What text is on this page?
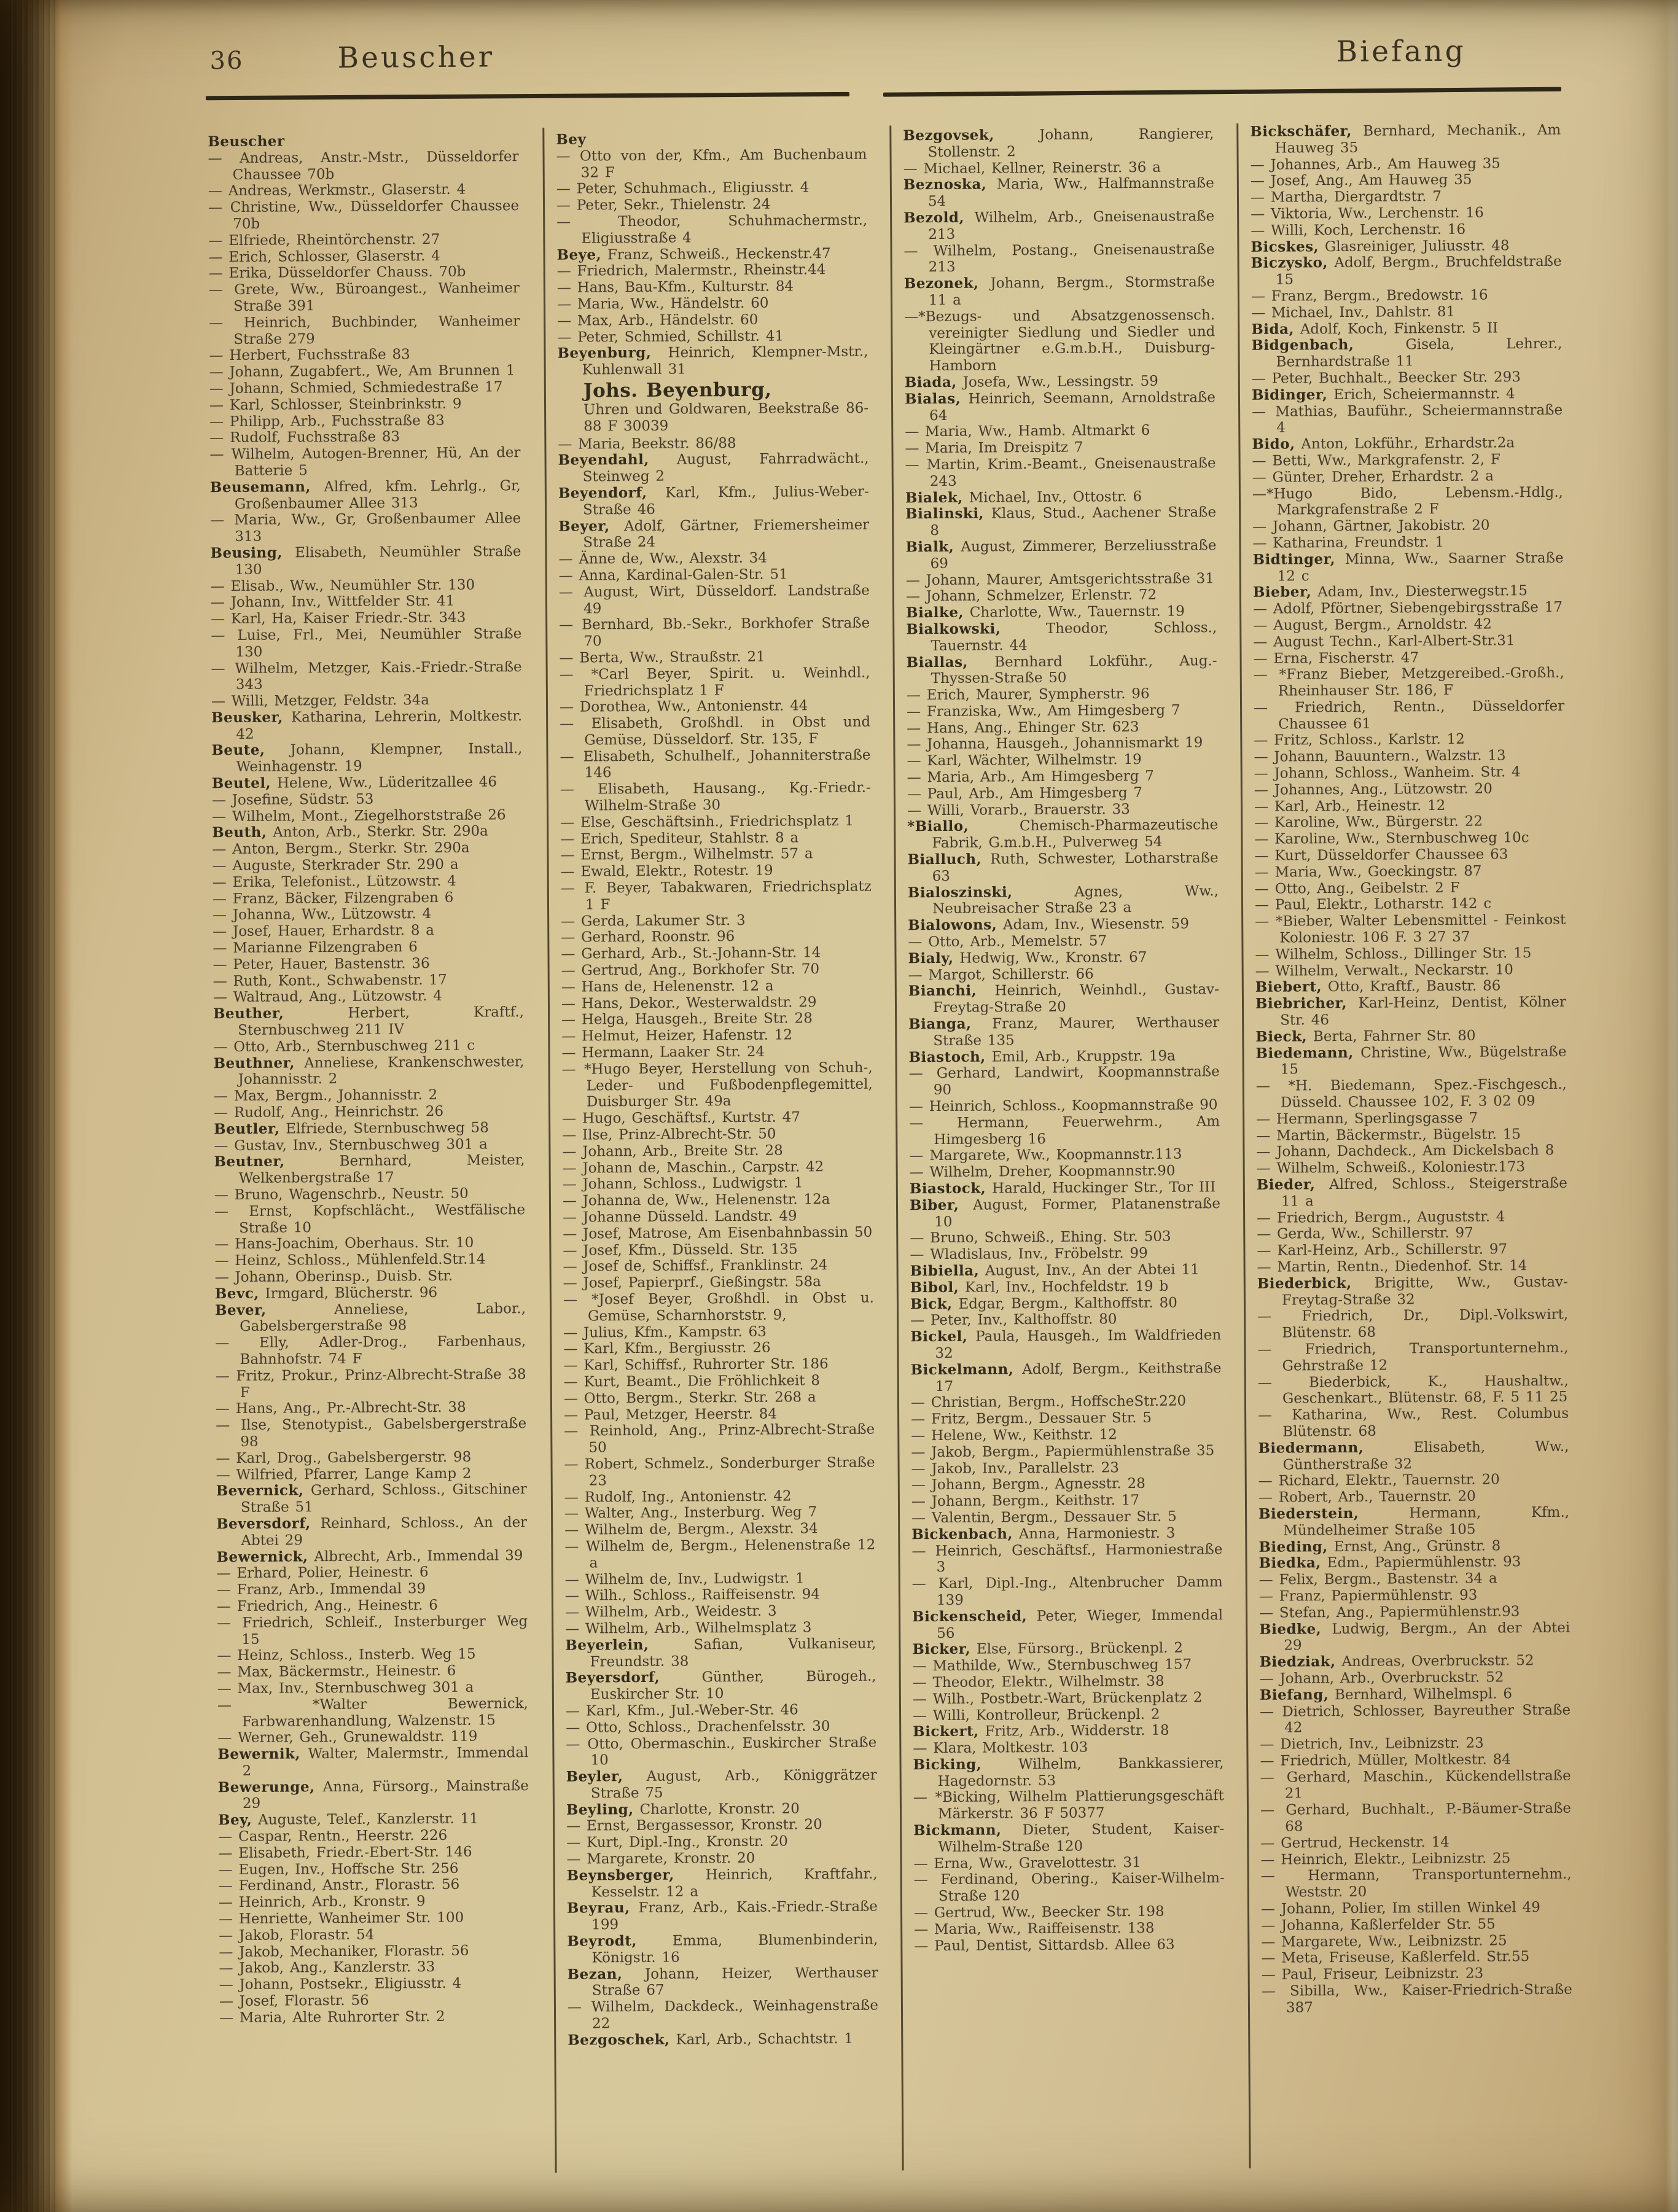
36	Beuscher	Biefang

Beuscher

— Andreas, Anstr.-Mstr., Düsseldorfer Chaussee 70b

— Andreas, Werkmstr., Glaserstr. 4

— Christine, Ww., Düsseldorfer Chaussee 70b

— Elfriede, Rheintörchenstr. 27

— Erich, Schlosser, Glaserstr. 4

— Erika, Düsseldorfer Chauss. 70b

— Grete, Ww., Büroangest., Wanheimer Straße 391

— Heinrich, Buchbinder, Wanheimer Straße 279

— Herbert, Fuchsstraße 83

— Johann, Zugabfert., We, Am Brunnen 1

— Johann, Schmied, Schmiedestraße 17

— Karl, Schlosser, Steinbrinkstr. 9

— Philipp, Arb., Fuchsstraße 83

— Rudolf, Fuchsstraße 83

— Wilhelm, Autogen-Brenner, Hü, An der Batterie 5

Beusemann, Alfred, kfm. Lehrlg., Gr, Großenbaumer Allee 313

— Maria, Ww., Gr, Großenbaumer Allee 313

Beusing, Elisabeth, Neumühler Straße 130

— Elisab., Ww., Neumühler Str. 130

— Johann, Inv., Wittfelder Str. 41

— Karl, Ha, Kaiser Friedr.-Str. 343

— Luise, Frl., Mei, Neumühler Straße 130

— Wilhelm, Metzger, Kais.-Friedr.-Straße 343

— Willi, Metzger, Feldstr. 34a

Beusker, Katharina, Lehrerin, Moltkestr. 42

Beute, Johann, Klempner, Install., Weinhagenstr. 19

Beutel, Helene, Ww., Lüderitzallee 46

— Josefine, Südstr. 53

— Wilhelm, Mont., Ziegelhorststraße 26

Beuth, Anton, Arb., Sterkr. Str. 290a

— Anton, Bergm., Sterkr. Str. 290a

— Auguste, Sterkrader Str. 290 a

— Erika, Telefonist., Lützowstr. 4

— Franz, Bäcker, Filzengraben 6

— Johanna, Ww., Lützowstr. 4

— Josef, Hauer, Erhardstr. 8 a

— Marianne Filzengraben 6

— Peter, Hauer, Bastenstr. 36

— Ruth, Kont., Schwabenstr. 17

— Waltraud, Ang., Lützowstr. 4

Beuther, Herbert, Kraftf., Sternbuschweg 211 IV

— Otto, Arb., Sternbuschweg 211 c

Beuthner, Anneliese, Krankenschwester, Johannisstr. 2

— Max, Bergm., Johannisstr. 2

— Rudolf, Ang., Heinrichstr. 26

Beutler, Elfriede, Sternbuschweg 58

— Gustav, Inv., Sternbuschweg 301 a

Beutner, Bernhard, Meister, Welkenbergstraße 17

— Bruno, Wagenschrb., Neustr. 50

— Ernst, Kopfschlächt., Westfälische Straße 10

— Hans-Joachim, Oberhaus. Str. 10

— Heinz, Schloss., Mühlenfeld.Str.14

— Johann, Oberinsp., Duisb. Str.

Bevc, Irmgard, Blücherstr. 96

Bever, Anneliese, Labor., Gabelsbergerstraße 98

— Elly, Adler-Drog., Farbenhaus, Bahnhofstr. 74 F

— Fritz, Prokur., Prinz-Albrecht-Straße 38 F

— Hans, Ang., Pr.-Albrecht-Str. 38

— Ilse, Stenotypist., Gabelsbergerstraße 98

— Karl, Drog., Gabelsbergerstr. 98

— Wilfried, Pfarrer, Lange Kamp 2

Bevernick, Gerhard, Schloss., Gitschiner Straße 51

Beversdorf, Reinhard, Schloss., An der Abtei 29

Bewernick, Albrecht, Arb., Immendal 39

— Erhard, Polier, Heinestr. 6

— Franz, Arb., Immendal 39

— Friedrich, Ang., Heinestr. 6

— Friedrich, Schleif., Insterburger Weg 15

— Heinz, Schloss., Insterb. Weg 15

— Max, Bäckermstr., Heinestr. 6

— Max, Inv., Sternbuschweg 301 a

— *Walter Bewernick, Farbwarenhandlung, Walzenstr. 15

— Werner, Geh., Grunewaldstr. 119

Bewernik, Walter, Malermstr., Immendal 2

Bewerunge, Anna, Fürsorg., Mainstraße 29

Bey, Auguste, Telef., Kanzlerstr. 11

— Caspar, Rentn., Heerstr. 226

— Elisabeth, Friedr.-Ebert-Str. 146

— Eugen, Inv., Hoffsche Str. 256

— Ferdinand, Anstr., Florastr. 56

— Heinrich, Arb., Kronstr. 9

— Henriette, Wanheimer Str. 100

— Jakob, Florastr. 54

— Jakob, Mechaniker, Florastr. 56

— Jakob, Ang., Kanzlerstr. 33

— Johann, Postsekr., Eligiusstr. 4

— Josef, Florastr. 56

— Maria, Alte Ruhrorter Str. 2

Bey

— Otto von der, Kfm., Am Buchenbaum 32 F

— Peter, Schuhmach., Eligiusstr. 4

— Peter, Sekr., Thielenstr. 24

— Theodor, Schuhmachermstr., Eligiusstraße 4

Beye, Franz, Schweiß., Heckenstr.47

— Friedrich, Malermstr., Rheinstr.44

— Hans, Bau-Kfm., Kulturstr. 84

— Maria, Ww., Händelstr. 60

— Max, Arb., Händelstr. 60

— Peter, Schmied, Schillstr. 41

Beyenburg, Heinrich, Klempner-Mstr., Kuhlenwall 31

Johs. Beyenburg,
Uhren und Goldwaren, Beekstraße 86-88 F 30039

— Maria, Beekstr. 86/88

Beyendahl, August, Fahrradwächt., Steinweg 2

Beyendorf, Karl, Kfm., Julius-Weber-Straße 46

Beyer, Adolf, Gärtner, Friemersheimer Straße 24

— Änne de, Ww., Alexstr. 34

— Anna, Kardinal-Galen-Str. 51

— August, Wirt, Düsseldorf. Landstraße 49

— Bernhard, Bb.-Sekr., Borkhofer Straße 70

— Berta, Ww., Straußstr. 21

— *Carl Beyer, Spirit. u. Weinhdl., Friedrichsplatz 1 F

— Dorothea, Ww., Antonienstr. 44

— Elisabeth, Großhdl. in Obst und Gemüse, Düsseldorf. Str. 135, F

— Elisabeth, Schulhelf., Johanniterstraße 146

— Elisabeth, Hausang., Kg.-Friedr.-Wilhelm-Straße 30

— Else, Geschäftsinh., Friedrichsplatz 1

— Erich, Spediteur, Stahlstr. 8 a

— Ernst, Bergm., Wilhelmstr. 57 a

— Ewald, Elektr., Rotestr. 19

— F. Beyer, Tabakwaren, Friedrichsplatz 1 F

— Gerda, Lakumer Str. 3

— Gerhard, Roonstr. 96

— Gerhard, Arb., St.-Johann-Str. 14

— Gertrud, Ang., Borkhofer Str. 70

— Hans de, Helenenstr. 12 a

— Hans, Dekor., Westerwaldstr. 29

— Helga, Hausgeh., Breite Str. 28

— Helmut, Heizer, Hafenstr. 12

— Hermann, Laaker Str. 24

— *Hugo Beyer, Herstellung von Schuh-, Leder- und Fußbodenpflegemittel, Duisburger Str. 49a

— Hugo, Geschäftsf., Kurtstr. 47

— Ilse, Prinz-Albrecht-Str. 50

— Johann, Arb., Breite Str. 28

— Johann de, Maschin., Carpstr. 42

— Johann, Schloss., Ludwigstr. 1

— Johanna de, Ww., Helenenstr. 12a

— Johanne Düsseld. Landstr. 49

— Josef, Matrose, Am Eisenbahnbassin 50

— Josef, Kfm., Düsseld. Str. 135

— Josef de, Schiffsf., Franklinstr. 24

— Josef, Papierprf., Gießingstr. 58a

— *Josef Beyer, Großhdl. in Obst u. Gemüse, Scharnhorststr. 9,

— Julius, Kfm., Kampstr. 63

— Karl, Kfm., Bergiusstr. 26

— Karl, Schiffsf., Ruhrorter Str. 186

— Kurt, Beamt., Die Fröhlichkeit 8

— Otto, Bergm., Sterkr. Str. 268 a

— Paul, Metzger, Heerstr. 84

— Reinhold, Ang., Prinz-Albrecht-Straße 50

— Robert, Schmelz., Sonderburger Straße 23

— Rudolf, Ing., Antonienstr. 42

— Walter, Ang., Insterburg. Weg 7

— Wilhelm de, Bergm., Alexstr. 34

— Wilhelm de, Bergm., Helenenstraße 12 a

— Wilhelm de, Inv., Ludwigstr. 1

— Wilh., Schloss., Raiffeisenstr. 94

— Wilhelm, Arb., Weidestr. 3

— Wilhelm, Arb., Wilhelmsplatz 3

Beyerlein, Safian, Vulkaniseur, Freundstr. 38

Beyersdorf, Günther, Bürogeh., Euskircher Str. 10

— Karl, Kfm., Jul.-Weber-Str. 46

— Otto, Schloss., Drachenfelsstr. 30

— Otto, Obermaschin., Euskircher Straße 10

Beyler, August, Arb., Königgrätzer Straße 75

Beyling, Charlotte, Kronstr. 20

— Ernst, Bergassessor, Kronstr. 20

— Kurt, Dipl.-Ing., Kronstr. 20

— Margarete, Kronstr. 20

Beynsberger, Heinrich, Kraftfahr., Kesselstr. 12 a

Beyrau, Franz, Arb., Kais.-Friedr.-Straße 199

Beyrodt, Emma, Blumenbinderin, Königstr. 16

Bezan, Johann, Heizer, Werthauser Straße 67

— Wilhelm, Dackdeck., Weinhagenstraße 22

Bezgoschek, Karl, Arb., Schachtstr. 1

Bezgovsek, Johann, Rangierer, Stollenstr. 2

— Michael, Kellner, Reinerstr. 36 a

Beznoska, Maria, Ww., Halfmannstraße 54

Bezold, Wilhelm, Arb., Gneisenaustraße 213

— Wilhelm, Postang., Gneisenaustraße 213

Bezonek, Johann, Bergm., Stormstraße 11 a

—*Bezugs- und Absatzgenossensch. vereinigter Siedlung und Siedler und Kleingärtner e.G.m.b.H., Duisburg-Hamborn

Biada, Josefa, Ww., Lessingstr. 59

Bialas, Heinrich, Seemann, Arnoldstraße 64

— Maria, Ww., Hamb. Altmarkt 6

— Maria, Im Dreispitz 7

— Martin, Krim.-Beamt., Gneisenaustraße 243

Bialek, Michael, Inv., Ottostr. 6

Bialinski, Klaus, Stud., Aachener Straße 8

Bialk, August, Zimmerer, Berzeliusstraße 69

— Johann, Maurer, Amtsgerichtsstraße 31

— Johann, Schmelzer, Erlenstr. 72

Bialke, Charlotte, Ww., Tauernstr. 19

Bialkowski, Theodor, Schloss., Tauernstr. 44

Biallas, Bernhard Lokführ., Aug.-Thyssen-Straße 50

— Erich, Maurer, Sympherstr. 96

— Franziska, Ww., Am Himgesberg 7

— Hans, Ang., Ehinger Str. 623

— Johanna, Hausgeh., Johannismarkt 19

— Karl, Wächter, Wilhelmstr. 19

— Maria, Arb., Am Himgesberg 7

— Paul, Arb., Am Himgesberg 7

— Willi, Vorarb., Brauerstr. 33

*Biallo, Chemisch-Pharmazeutische Fabrik, G.m.b.H., Pulverweg 54

Bialluch, Ruth, Schwester, Lotharstraße 63

Bialoszinski, Agnes, Ww., Neubreisacher Straße 23 a

Bialowons, Adam, Inv., Wiesenstr. 59

— Otto, Arb., Memelstr. 57

Bialy, Hedwig, Ww., Kronstr. 67

— Margot, Schillerstr. 66

Bianchi, Heinrich, Weinhdl., Gustav-Freytag-Straße 20

Bianga, Franz, Maurer, Werthauser Straße 135

Biastoch, Emil, Arb., Kruppstr. 19a

— Gerhard, Landwirt, Koopmannstraße 90

— Heinrich, Schloss., Koopmannstraße 90

— Hermann, Feuerwehrm., Am Himgesberg 16

— Margarete, Ww., Koopmannstr.113

— Wilhelm, Dreher, Koopmannstr.90

Biastock, Harald, Huckinger Str., Tor III

Biber, August, Former, Platanenstraße 10

— Bruno, Schweiß., Ehing. Str. 503

— Wladislaus, Inv., Fröbelstr. 99

Bibiella, August, Inv., An der Abtei 11

Bibol, Karl, Inv., Hochfeldstr. 19 b

Bick, Edgar, Bergm., Kalthoffstr. 80

— Peter, Inv., Kalthoffstr. 80

Bickel, Paula, Hausgeh., Im Waldfrieden 32

Bickelmann, Adolf, Bergm., Keithstraße 17

— Christian, Bergm., HoffscheStr.220

— Fritz, Bergm., Dessauer Str. 5

— Helene, Ww., Keithstr. 12

— Jakob, Bergm., Papiermühlenstraße 35

— Jakob, Inv., Parallelstr. 23

— Johann, Bergm., Agnesstr. 28

— Johann, Bergm., Keithstr. 17

— Valentin, Bergm., Dessauer Str. 5

Bickenbach, Anna, Harmoniestr. 3

— Heinrich, Geschäftsf., Harmoniestraße 3

— Karl, Dipl.-Ing., Altenbrucher Damm 139

Bickenscheid, Peter, Wieger, Immendal 56

Bicker, Else, Fürsorg., Brückenpl. 2

— Mathilde, Ww., Sternbuschweg 157

— Theodor, Elektr., Wilhelmstr. 38

— Wilh., Postbetr.-Wart, Brückenplatz 2

— Willi, Kontrolleur, Brückenpl. 2

Bickert, Fritz, Arb., Widderstr. 18

— Klara, Moltkestr. 103

Bicking, Wilhelm, Bankkassierer, Hagedornstr. 53

— *Bicking, Wilhelm Plattierungsgeschäft Märkerstr. 36 F 50377

Bickmann, Dieter, Student, Kaiser-Wilhelm-Straße 120

— Erna, Ww., Gravelottestr. 31

— Ferdinand, Obering., Kaiser-Wilhelm-Straße 120

— Gertrud, Ww., Beecker Str. 198

— Maria, Ww., Raiffeisenstr. 138

— Paul, Dentist, Sittardsb. Allee 63

Bickschäfer, Bernhard, Mechanik., Am Hauweg 35

— Johannes, Arb., Am Hauweg 35

— Josef, Ang., Am Hauweg 35

— Martha, Diergardtstr. 7

— Viktoria, Ww., Lerchenstr. 16

— Willi, Koch, Lerchenstr. 16

Bicskes, Glasreiniger, Juliusstr. 48

Biczysko, Adolf, Bergm., Bruchfeldstraße 15

— Franz, Bergm., Bredowstr. 16

— Michael, Inv., Dahlstr. 81

Bida, Adolf, Koch, Finkenstr. 5 II

Bidgenbach, Gisela, Lehrer., Bernhardstraße 11

— Peter, Buchhalt., Beecker Str. 293

Bidinger, Erich, Scheiermannstr. 4

— Mathias, Bauführ., Scheiermannstraße 4

Bido, Anton, Lokführ., Erhardstr.2a

— Betti, Ww., Markgrafenstr. 2, F

— Günter, Dreher, Erhardstr. 2 a

—*Hugo Bido, Lebensm.-Hdlg., Markgrafenstraße 2 F

— Johann, Gärtner, Jakobistr. 20

— Katharina, Freundstr. 1

Bidtinger, Minna, Ww., Saarner Straße 12 c

Bieber, Adam, Inv., Diesterwegstr.15

— Adolf, Pförtner, Siebengebirgsstraße 17

— August, Bergm., Arnoldstr. 42

— August Techn., Karl-Albert-Str.31

— Erna, Fischerstr. 47

— *Franz Bieber, Metzgereibed.-Großh., Rheinhauser Str. 186, F

— Friedrich, Rentn., Düsseldorfer Chaussee 61

— Fritz, Schloss., Karlstr. 12

— Johann, Bauuntern., Walzstr. 13

— Johann, Schloss., Wanheim. Str. 4

— Johannes, Ang., Lützowstr. 20

— Karl, Arb., Heinestr. 12

— Karoline, Ww., Bürgerstr. 22

— Karoline, Ww., Sternbuschweg 10c

— Kurt, Düsseldorfer Chaussee 63

— Maria, Ww., Goeckingstr. 87

— Otto, Ang., Geibelstr. 2 F

— Paul, Elektr., Lotharstr. 142 c

— *Bieber, Walter Lebensmittel - Feinkost Koloniestr. 106 F. 3 27 37

— Wilhelm, Schloss., Dillinger Str. 15

— Wilhelm, Verwalt., Neckarstr. 10

Biebert, Otto, Kraftf., Baustr. 86

Biebricher, Karl-Heinz, Dentist, Kölner Str. 46

Bieck, Berta, Fahrner Str. 80

Biedemann, Christine, Ww., Bügelstraße 15

— *H. Biedemann, Spez.-Fischgesch., Düsseld. Chaussee 102, F. 3 02 09

— Hermann, Sperlingsgasse 7

— Martin, Bäckermstr., Bügelstr. 15

— Johann, Dachdeck., Am Dickelsbach 8

— Wilhelm, Schweiß., Koloniestr.173

Bieder, Alfred, Schloss., Steigerstraße 11 a

— Friedrich, Bergm., Auguststr. 4

— Gerda, Ww., Schillerstr. 97

— Karl-Heinz, Arb., Schillerstr. 97

— Martin, Rentn., Diedenhof. Str. 14

Biederbick, Brigitte, Ww., Gustav-Freytag-Straße 32

— Friedrich, Dr., Dipl.-Volkswirt, Blütenstr. 68

— Friedrich, Transportunternehm., Gehrstraße 12

— Biederbick, K., Haushaltw., Geschenkart., Blütenstr. 68, F. 5 11 25

— Katharina, Ww., Rest. Columbus Blütenstr. 68

Biedermann, Elisabeth, Ww., Güntherstraße 32

— Richard, Elektr., Tauernstr. 20

— Robert, Arb., Tauernstr. 20

Biederstein, Hermann, Kfm., Mündelheimer Straße 105

Bieding, Ernst, Ang., Grünstr. 8

Biedka, Edm., Papiermühlenstr. 93

— Felix, Bergm., Bastenstr. 34 a

— Franz, Papiermühlenstr. 93

— Stefan, Ang., Papiermühlenstr.93

Biedke, Ludwig, Bergm., An der Abtei 29

Biedziak, Andreas, Overbruckstr. 52

— Johann, Arb., Overbruckstr. 52

Biefang, Bernhard, Wilhelmspl. 6

— Dietrich, Schlosser, Bayreuther Straße 42

— Dietrich, Inv., Leibnizstr. 23

— Friedrich, Müller, Moltkestr. 84

— Gerhard, Maschin., Kückendellstraße 21

— Gerhard, Buchhalt., P.-Bäumer-Straße 68

— Gertrud, Heckenstr. 14

— Heinrich, Elektr., Leibnizstr. 25

— Hermann, Transportunternehm., Weststr. 20

— Johann, Polier, Im stillen Winkel 49

— Johanna, Kaßlerfelder Str. 55

— Margarete, Ww., Leibnizstr. 25

— Meta, Friseuse, Kaßlerfeld. Str.55

— Paul, Friseur, Leibnizstr. 23

— Sibilla, Ww., Kaiser-Friedrich-Straße 387
